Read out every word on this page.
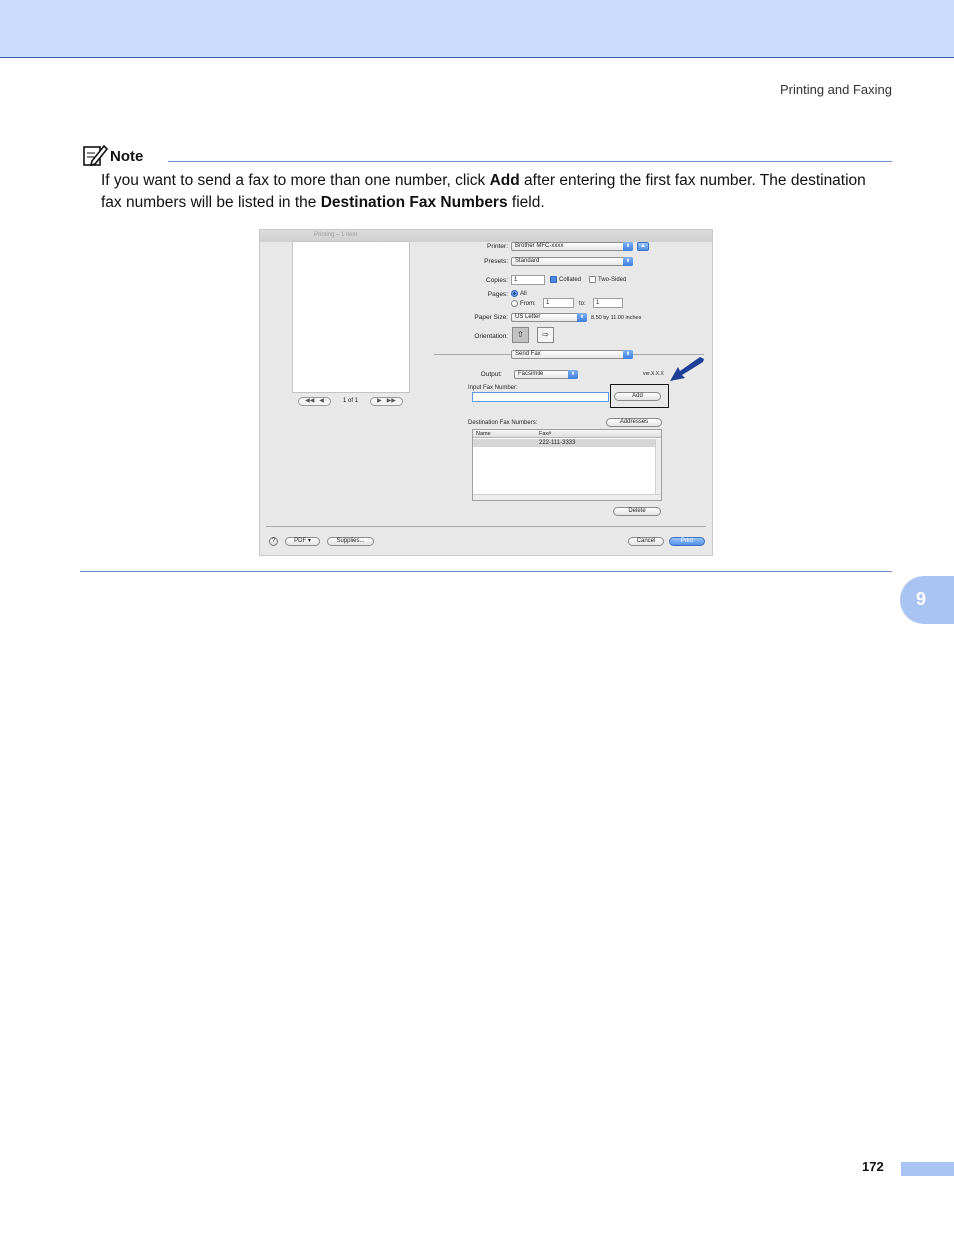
Printing and Faxing
Note
If you want to send a fax to more than one number, click Add after entering the first fax number. The destination fax numbers will be listed in the Destination Fax Numbers field.
Printing – 1 item
◀◀   ◀	1 of 1	▶   ▶▶
Printer:	Brother MFC-xxxx	⬍	▲
Presets:	Standard	⬍
Copies:	1	Collated	Two-Sided
Pages: All
From:	1	to:	1
Paper Size:	US Letter	⬍	8.50 by 11.00 inches
Orientation:	⇧	⇨
Send Fax	⬍
Output:	Facsimile	⬍	ver.X.X.X
Input Fax Number:
Add
Destination Fax Numbers:	Addresses
Name	Fax#
222-111-3333
Delete
?	PDF ▾	Supplies...	Cancel	Print
9
172
